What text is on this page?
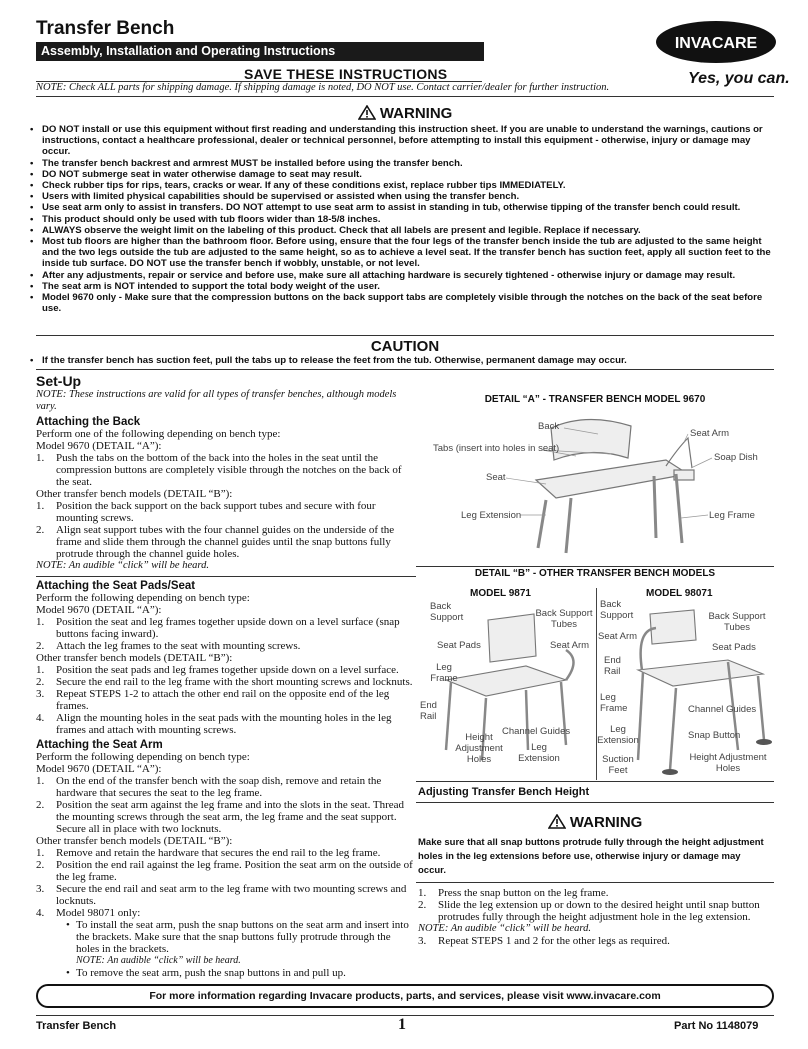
Transfer Bench
Assembly, Installation and Operating Instructions	INVACARE
Yes, you can.
SAVE THESE INSTRUCTIONS
NOTE: Check ALL parts for shipping damage. If shipping damage is noted, DO NOT use. Contact carrier/dealer for further instruction.
WARNING
• DO NOT install or use this equipment without first reading and understanding this instruction sheet. If you are unable to understand the warnings, cautions or instructions, contact a healthcare professional, dealer or technical personnel, before attempting to install this equipment - otherwise, injury or damage may occur.
• The transfer bench backrest and armrest MUST be installed before using the transfer bench.
• DO NOT submerge seat in water otherwise damage to seat may result.
• Check rubber tips for rips, tears, cracks or wear. If any of these conditions exist, replace rubber tips IMMEDIATELY.
• Users with limited physical capabilities should be supervised or assisted when using the transfer bench.
• Use seat arm only to assist in transfers. DO NOT attempt to use seat arm to assist in standing in tub, otherwise tipping of the transfer bench could result.
• This product should only be used with tub floors wider than 18-5/8 inches.
• ALWAYS observe the weight limit on the labeling of this product. Check that all labels are present and legible. Replace if necessary.
• Most tub floors are higher than the bathroom floor. Before using, ensure that the four legs of the transfer bench inside the tub are adjusted to the same height and the two legs outside the tub are adjusted to the same height, so as to achieve a level seat. If the transfer bench has suction feet, apply all suction feet to the inside tub surface. DO NOT use the transfer bench if wobbly, unstable, or not level.
• After any adjustments, repair or service and before use, make sure all attaching hardware is securely tightened - otherwise injury or damage may result.
• The seat arm is NOT intended to support the total body weight of the user.
• Model 9670 only - Make sure that the compression buttons on the back support tabs are completely visible through the notches on the back of the seat before use.
CAUTION
• If the transfer bench has suction feet, pull the tabs up to release the feet from the tub. Otherwise, permanent damage may occur.
Set-Up
NOTE: These instructions are valid for all types of transfer benches, although models vary.
Attaching the Back
Perform one of the following depending on bench type:
Model 9670 (DETAIL “A”):
1. Push the tabs on the bottom of the back into the holes in the seat until the compression buttons are completely visible through the notches on the back of the seat.
Other transfer bench models (DETAIL “B”):
1. Position the back support on the back support tubes and secure with four mounting screws.
2. Align seat support tubes with the four channel guides on the underside of the frame and slide them through the channel guides until the snap buttons fully protrude through the channel guide holes.
NOTE: An audible “click” will be heard.
Attaching the Seat Pads/Seat
Perform the following depending on bench type:
Model 9670 (DETAIL “A”):
1. Position the seat and leg frames together upside down on a level surface (snap buttons facing inward).
2. Attach the leg frames to the seat with mounting screws.
Other transfer bench models (DETAIL “B”):
1. Position the seat pads and leg frames together upside down on a level surface.
2. Secure the end rail to the leg frame with the short mounting screws and locknuts.
3. Repeat STEPS 1-2 to attach the other end rail on the opposite end of the leg frames.
4. Align the mounting holes in the seat pads with the mounting holes in the leg frames and attach with mounting screws.
Attaching the Seat Arm
Perform the following depending on bench type:
Model 9670 (DETAIL “A”):
1. On the end of the transfer bench with the soap dish, remove and retain the hardware that secures the seat to the leg frame.
2. Position the seat arm against the leg frame and into the slots in the seat. Thread the mounting screws through the seat arm, the leg frame and the seat support. Secure all in place with two locknuts.
Other transfer bench models (DETAIL “B”):
1. Remove and retain the hardware that secures the end rail to the leg frame.
2. Position the end rail against the leg frame. Position the seat arm on the outside of the leg frame.
3. Secure the end rail and seat arm to the leg frame with two mounting screws and locknuts.
4. Model 98071 only:
• To install the seat arm, push the snap buttons on the seat arm and insert into the brackets. Make sure that the snap buttons fully protrude through the holes in the brackets.
NOTE: An audible “click” will be heard.
• To remove the seat arm, push the snap buttons in and pull up.
DETAIL “A” - TRANSFER BENCH MODEL 9670
Back
Tabs (insert into holes in seat)
Seat
Leg Extension
Seat Arm
Soap Dish
Leg Frame
DETAIL “B” - OTHER TRANSFER BENCH MODELS
MODEL 9871	MODEL 98071
Back Support	Back Support Tubes
Seat Pads	Seat Arm
Leg Frame
End Rail
Height Adjustment Holes
Channel Guides
Leg Extension
Back Support	Back Support Tubes
Seat Arm
Seat Pads
End Rail
Leg Frame
Leg Extension
Channel Guides
Snap Button
Suction Feet
Height Adjustment Holes
Adjusting Transfer Bench Height
WARNING
Make sure that all snap buttons protrude fully through the height adjustment holes in the leg extensions before use, otherwise injury or damage may occur.
1. Press the snap button on the leg frame.
2. Slide the leg extension up or down to the desired height until snap button protrudes fully through the height adjustment hole in the leg extension.
NOTE: An audible “click” will be heard.
3. Repeat STEPS 1 and 2 for the other legs as required.
For more information regarding Invacare products, parts, and services, please visit www.invacare.com
Transfer Bench	1	Part No 1148079
